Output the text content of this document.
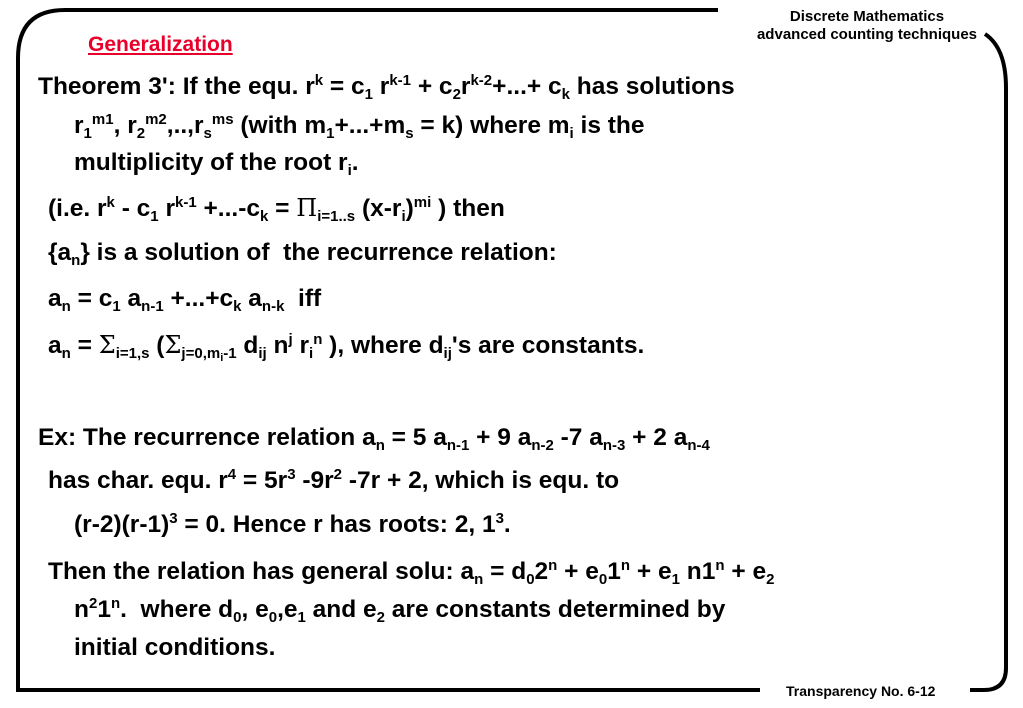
Discrete Mathematics
advanced counting techniques
Generalization
Theorem 3': If the equ. $r^k = c_1$ $r^{k-1} + c_2r^{k-2}+...+ c_k$ has solutions
$r_1^{m1}$, $r_2^{m2},..,r_s^{ms}$ (with $m_1+...+m_s = k$) where $m_i$ is the
multiplicity of the root $r_i$.
(i.e. $r^k - c_1$ $r^{k-1} +...-c_k = \Pi_{i=1..s}$ $(x-r_i)^{mi}$ ) then
$\{a_n\}$ is a solution of  the recurrence relation:
$a_n = c_1$ $a_{n-1} +...+c_k$ $a_{n-k}$  iff
$a_n = \Sigma_{i=1,s}$ ($\Sigma_{j=0,m_i-1}$ $d_{ij}$ $n^j$ $r_i^n$ ), where $d_{ij}'s$ are constants.
Ex: The recurrence relation $a_n = 5$ $a_{n-1} + 9$ $a_{n-2}$ -7 $a_{n-3} + 2$ $a_{n-4}$
has char. equ. $r^4 = 5r^3$ $-9r^2$ -7r + 2, which is equ. to
$(r-2)(r-1)^3 = 0$. Hence r has roots: 2, $1^3$.
Then the relation has general solu: $a_n = d_02^n + e_01^n + e_1$ $n1^n + e_2$
$n^21^n$.  where $d_0$, $e_0,e_1$ and $e_2$ are constants determined by
initial conditions.
Transparency No. 6-12
